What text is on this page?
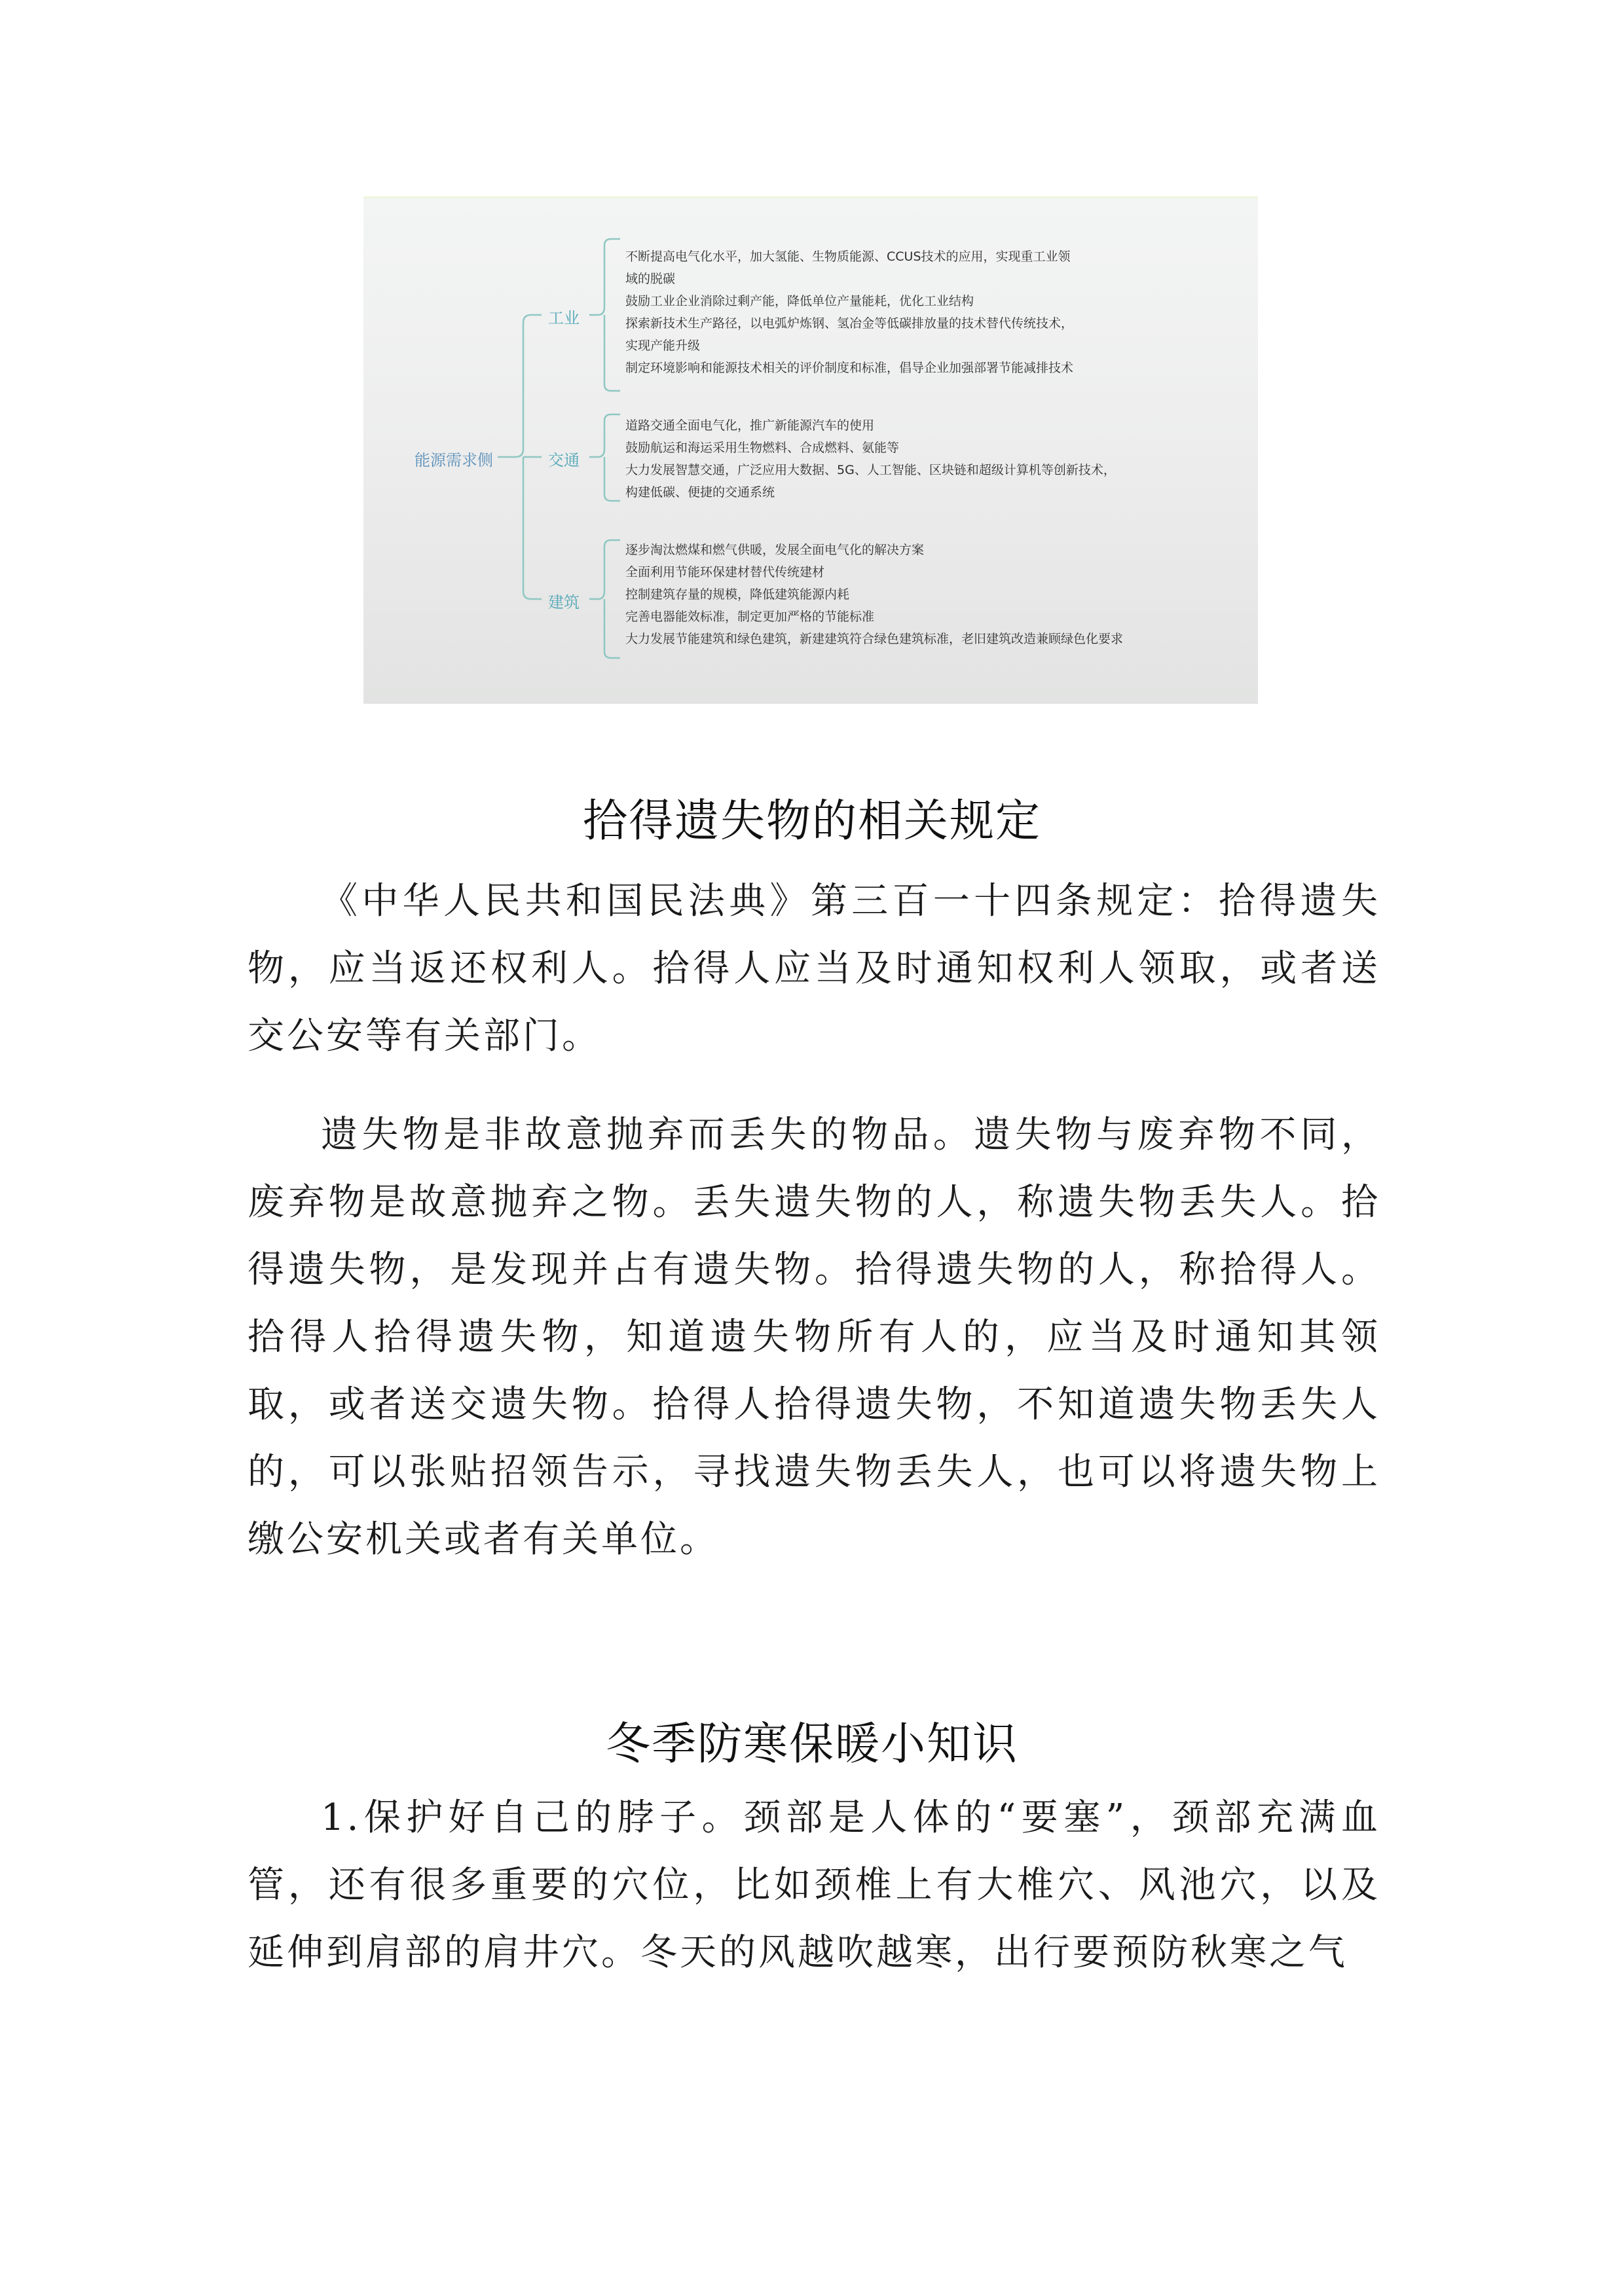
能源需求侧
工业
交通
建筑
不断提高电气化水平，加大氢能、生物质能源、CCUS技术的应用，实现重工业领
域的脱碳
鼓励工业企业消除过剩产能，降低单位产量能耗，优化工业结构
探索新技术生产路径，以电弧炉炼钢、氢冶金等低碳排放量的技术替代传统技术，
实现产能升级
制定环境影响和能源技术相关的评价制度和标准，倡导企业加强部署节能减排技术
道路交通全面电气化，推广新能源汽车的使用
鼓励航运和海运采用生物燃料、合成燃料、氨能等
大力发展智慧交通，广泛应用大数据、5G、人工智能、区块链和超级计算机等创新技术，
构建低碳、便捷的交通系统
逐步淘汰燃煤和燃气供暖，发展全面电气化的解决方案
全面利用节能环保建材替代传统建材
控制建筑存量的规模，降低建筑能源内耗
完善电器能效标准，制定更加严格的节能标准
大力发展节能建筑和绿色建筑，新建建筑符合绿色建筑标准，老旧建筑改造兼顾绿色化要求
拾得遗失物的相关规定

《中华人民共和国民法典》第三百一十四条规定：拾得遗失物，应当返还权利人。拾得人应当及时通知权利人领取，或者送交公安等有关部门。

遗失物是非故意抛弃而丢失的物品。遗失物与废弃物不同，废弃物是故意抛弃之物。丢失遗失物的人，称遗失物丢失人。拾得遗失物，是发现并占有遗失物。拾得遗失物的人，称拾得人。拾得人拾得遗失物，知道遗失物所有人的，应当及时通知其领取，或者送交遗失物。拾得人拾得遗失物，不知道遗失物丢失人的，可以张贴招领告示，寻找遗失物丢失人，也可以将遗失物上缴公安机关或者有关单位。

冬季防寒保暖小知识

1.保护好自己的脖子。颈部是人体的“要塞”，颈部充满血管，还有很多重要的穴位，比如颈椎上有大椎穴、风池穴，以及延伸到肩部的肩井穴。冬天的风越吹越寒，出行要预防秋寒之气
